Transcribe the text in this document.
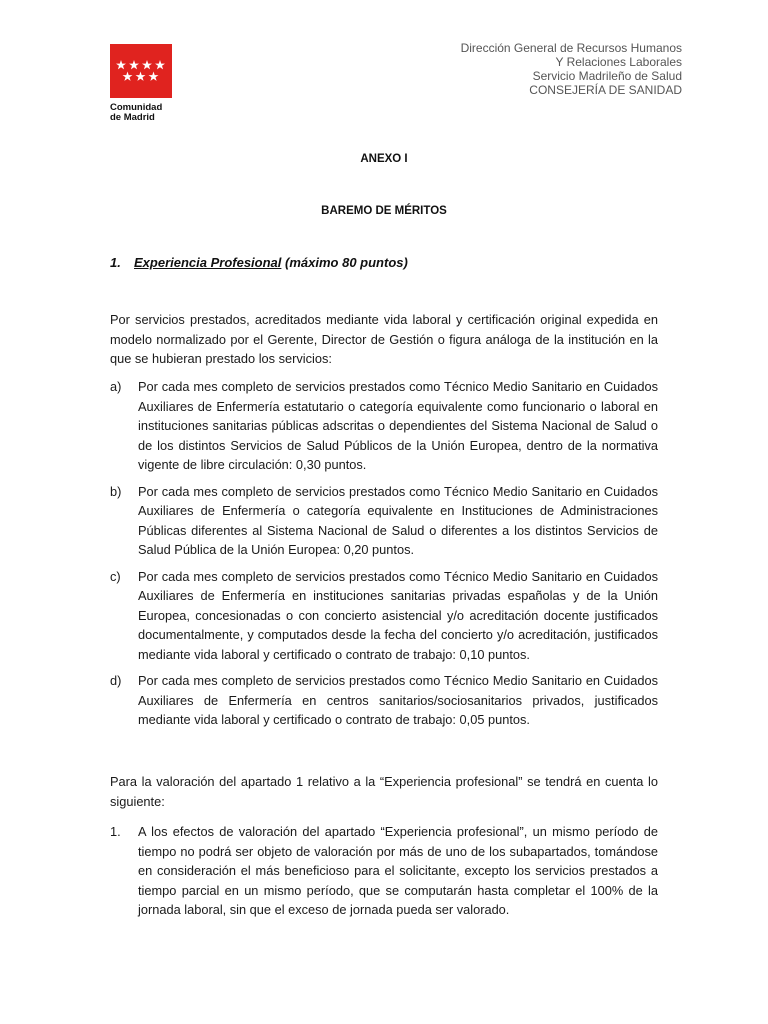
Comunidad
de Madrid
Dirección General de Recursos Humanos
Y Relaciones Laborales
Servicio Madrileño de Salud
CONSEJERÍA DE SANIDAD
ANEXO I
BAREMO DE MÉRITOS
1. Experiencia Profesional (máximo 80 puntos)

Por servicios prestados, acreditados mediante vida laboral y certificación original expedida en modelo normalizado por el Gerente, Director de Gestión o figura análoga de la institución en la que se hubieran prestado los servicios:

a) Por cada mes completo de servicios prestados como Técnico Medio Sanitario en Cuidados Auxiliares de Enfermería estatutario o categoría equivalente como funcionario o laboral en instituciones sanitarias públicas adscritas o dependientes del Sistema Nacional de Salud o de los distintos Servicios de Salud Públicos de la Unión Europea, dentro de la normativa vigente de libre circulación: 0,30 puntos.
b) Por cada mes completo de servicios prestados como Técnico Medio Sanitario en Cuidados Auxiliares de Enfermería o categoría equivalente en Instituciones de Administraciones Públicas diferentes al Sistema Nacional de Salud o diferentes a los distintos Servicios de Salud Pública de la Unión Europea: 0,20 puntos.
c) Por cada mes completo de servicios prestados como Técnico Medio Sanitario en Cuidados Auxiliares de Enfermería en instituciones sanitarias privadas españolas y de la Unión Europea, concesionadas o con concierto asistencial y/o acreditación docente justificados documentalmente, y computados desde la fecha del concierto y/o acreditación, justificados mediante vida laboral y certificado o contrato de trabajo: 0,10 puntos.
d) Por cada mes completo de servicios prestados como Técnico Medio Sanitario en Cuidados Auxiliares de Enfermería en centros sanitarios/sociosanitarios privados, justificados mediante vida laboral y certificado o contrato de trabajo: 0,05 puntos.

Para la valoración del apartado 1 relativo a la “Experiencia profesional” se tendrá en cuenta lo siguiente:

1. A los efectos de valoración del apartado “Experiencia profesional”, un mismo período de tiempo no podrá ser objeto de valoración por más de uno de los subapartados, tomándose en consideración el más beneficioso para el solicitante, excepto los servicios prestados a tiempo parcial en un mismo período, que se computarán hasta completar el 100% de la jornada laboral, sin que el exceso de jornada pueda ser valorado.
